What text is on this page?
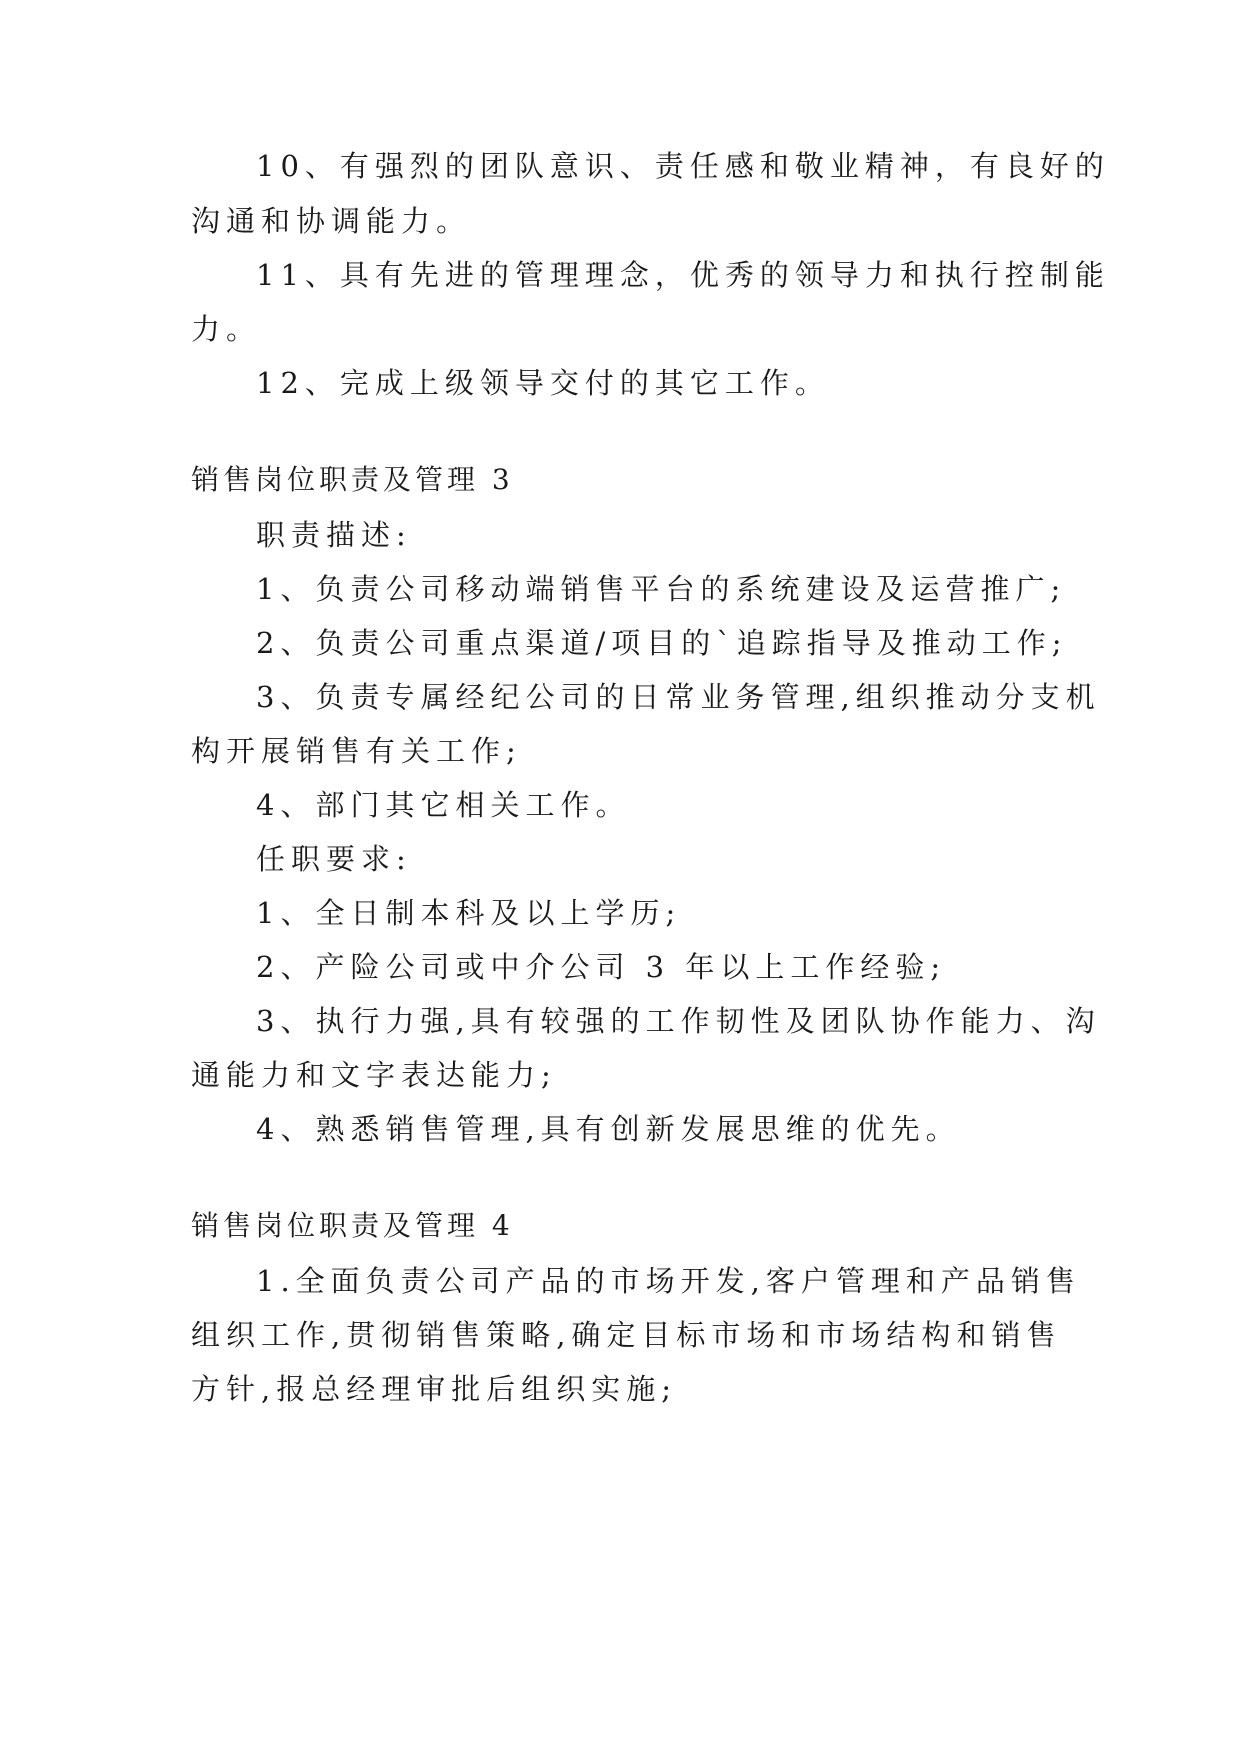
10、有强烈的团队意识、责任感和敬业精神，有良好的
沟通和协调能力。
11、具有先进的管理理念，优秀的领导力和执行控制能
力。
12、完成上级领导交付的其它工作。
销售岗位职责及管理 3
职责描述:
1、负责公司移动端销售平台的系统建设及运营推广;
2、负责公司重点渠道/项目的`追踪指导及推动工作;
3、负责专属经纪公司的日常业务管理,组织推动分支机
构开展销售有关工作;
4、部门其它相关工作。
任职要求:
1、全日制本科及以上学历;
2、产险公司或中介公司 3 年以上工作经验;
3、执行力强,具有较强的工作韧性及团队协作能力、沟
通能力和文字表达能力;
4、熟悉销售管理,具有创新发展思维的优先。
销售岗位职责及管理 4
1.全面负责公司产品的市场开发,客户管理和产品销售
组织工作,贯彻销售策略,确定目标市场和市场结构和销售
方针,报总经理审批后组织实施;
